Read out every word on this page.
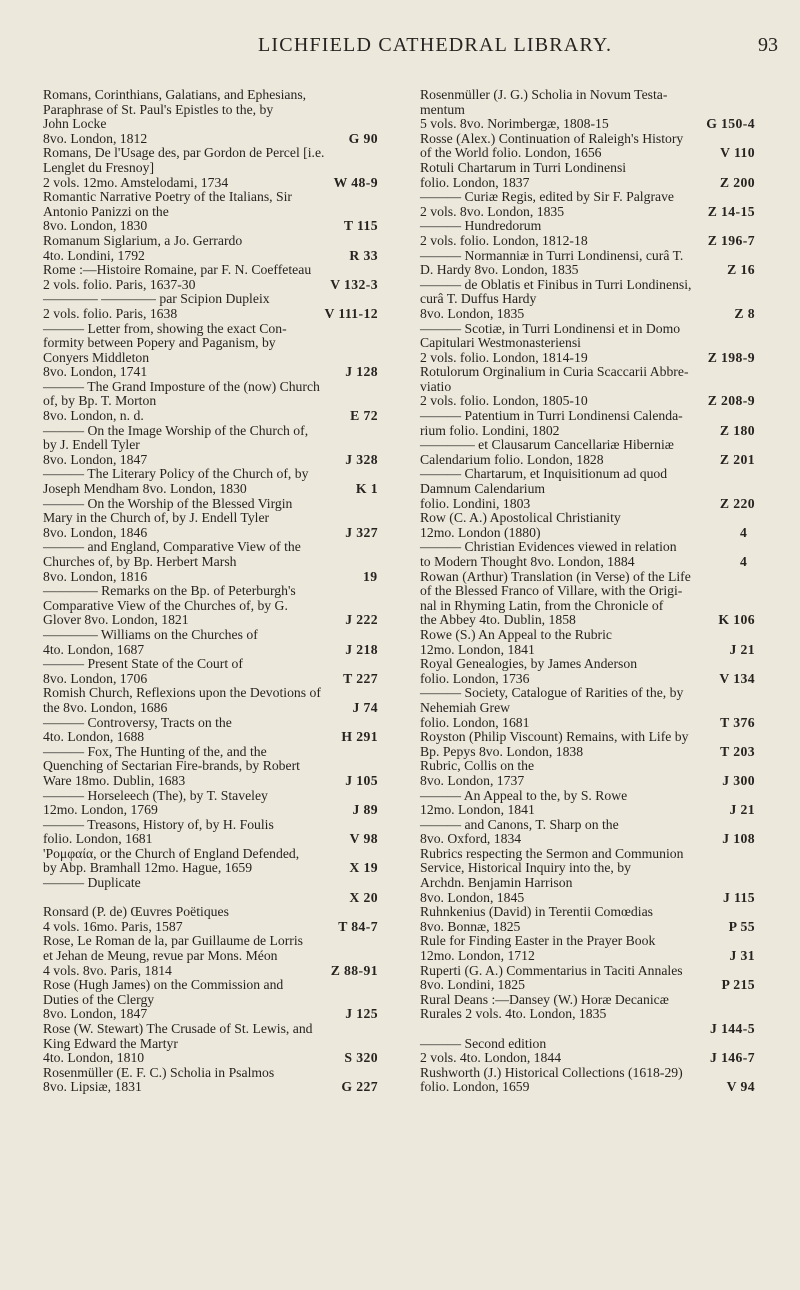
LICHFIELD CATHEDRAL LIBRARY.	93
Romans, Corinthians, Galatians, and Ephesians,
Paraphrase of St. Paul's Epistles to the, by
John Locke
8vo. London, 1812	G 90
Romans, De l'Usage des, par Gordon de Percel [i.e.
Lenglet du Fresnoy]
2 vols. 12mo. Amstelodami, 1734	W 48-9
Romantic Narrative Poetry of the Italians, Sir
Antonio Panizzi on the
8vo. London, 1830	T 115
Romanum Siglarium, a Jo. Gerrardo
4to. Londini, 1792	R 33
Rome :—Histoire Romaine, par F. N. Coeffeteau
2 vols. folio. Paris, 1637-30	V 132-3
———— ———— par Scipion Dupleix
2 vols. folio. Paris, 1638	V 111-12
——— Letter from, showing the exact Con-
formity between Popery and Paganism, by
Conyers Middleton
8vo. London, 1741	J 128
——— The Grand Imposture of the (now) Church
of, by Bp. T. Morton
8vo. London, n. d.	E 72
——— On the Image Worship of the Church of,
by J. Endell Tyler
8vo. London, 1847	J 328
——— The Literary Policy of the Church of, by
Joseph Mendham 8vo. London, 1830	K 1
——— On the Worship of the Blessed Virgin
Mary in the Church of, by J. Endell Tyler
8vo. London, 1846	J 327
——— and England, Comparative View of the
Churches of, by Bp. Herbert Marsh
8vo. London, 1816	19
———— Remarks on the Bp. of Peterburgh's
Comparative View of the Churches of, by G.
Glover 8vo. London, 1821	J 222
———— Williams on the Churches of
4to. London, 1687	J 218
——— Present State of the Court of
8vo. London, 1706	T 227
Romish Church, Reflexions upon the Devotions of
the 8vo. London, 1686	J 74
——— Controversy, Tracts on the
4to. London, 1688	H 291
——— Fox, The Hunting of the, and the
Quenching of Sectarian Fire-brands, by Robert
Ware 18mo. Dublin, 1683	J 105
——— Horseleech (The), by T. Staveley
12mo. London, 1769	J 89
——— Treasons, History of, by H. Foulis
folio. London, 1681	V 98
'Ρομφαία, or the Church of England Defended,
by Abp. Bramhall 12mo. Hague, 1659	X 19
——— Duplicate
X 20
Ronsard (P. de) Œuvres Poëtiques
4 vols. 16mo. Paris, 1587	T 84-7
Rose, Le Roman de la, par Guillaume de Lorris
et Jehan de Meung, revue par Mons. Méon
4 vols. 8vo. Paris, 1814	Z 88-91
Rose (Hugh James) on the Commission and
Duties of the Clergy
8vo. London, 1847	J 125
Rose (W. Stewart) The Crusade of St. Lewis, and
King Edward the Martyr
4to. London, 1810	S 320
Rosenmüller (E. F. C.) Scholia in Psalmos
8vo. Lipsiæ, 1831	G 227
Rosenmüller (J. G.) Scholia in Novum Testa-
mentum
5 vols. 8vo. Norimbergæ, 1808-15	G 150-4
Rosse (Alex.) Continuation of Raleigh's History
of the World folio. London, 1656	V 110
Rotuli Chartarum in Turri Londinensi
folio. London, 1837	Z 200
——— Curiæ Regis, edited by Sir F. Palgrave
2 vols. 8vo. London, 1835	Z 14-15
——— Hundredorum
2 vols. folio. London, 1812-18	Z 196-7
——— Normanniæ in Turri Londinensi, curâ T.
D. Hardy 8vo. London, 1835	Z 16
——— de Oblatis et Finibus in Turri Londinensi,
curâ T. Duffus Hardy
8vo. London, 1835	Z 8
——— Scotiæ, in Turri Londinensi et in Domo
Capitulari Westmonasteriensi
2 vols. folio. London, 1814-19	Z 198-9
Rotulorum Orginalium in Curia Scaccarii Abbre-
viatio
2 vols. folio. London, 1805-10	Z 208-9
——— Patentium in Turri Londinensi Calenda-
rium folio. Londini, 1802	Z 180
———— et Clausarum Cancellariæ Hiberniæ
Calendarium folio. London, 1828	Z 201
——— Chartarum, et Inquisitionum ad quod
Damnum Calendarium
folio. Londini, 1803	Z 220
Row (C. A.) Apostolical Christianity
12mo. London (1880)	4
——— Christian Evidences viewed in relation
to Modern Thought 8vo. London, 1884	4
Rowan (Arthur) Translation (in Verse) of the Life
of the Blessed Franco of Villare, with the Origi-
nal in Rhyming Latin, from the Chronicle of
the Abbey 4to. Dublin, 1858	K 106
Rowe (S.) An Appeal to the Rubric
12mo. London, 1841	J 21
Royal Genealogies, by James Anderson
folio. London, 1736	V 134
——— Society, Catalogue of Rarities of the, by
Nehemiah Grew
folio. London, 1681	T 376
Royston (Philip Viscount) Remains, with Life by
Bp. Pepys 8vo. London, 1838	T 203
Rubric, Collis on the
8vo. London, 1737	J 300
——— An Appeal to the, by S. Rowe
12mo. London, 1841	J 21
——— and Canons, T. Sharp on the
8vo. Oxford, 1834	J 108
Rubrics respecting the Sermon and Communion
Service, Historical Inquiry into the, by
Archdn. Benjamin Harrison
8vo. London, 1845	J 115
Ruhnkenius (David) in Terentii Comœdias
8vo. Bonnæ, 1825	P 55
Rule for Finding Easter in the Prayer Book
12mo. London, 1712	J 31
Ruperti (G. A.) Commentarius in Taciti Annales
8vo. Londini, 1825	P 215
Rural Deans :—Dansey (W.) Horæ Decanicæ
Rurales 2 vols. 4to. London, 1835
J 144-5
——— Second edition
2 vols. 4to. London, 1844	J 146-7
Rushworth (J.) Historical Collections (1618-29)
folio. London, 1659	V 94
